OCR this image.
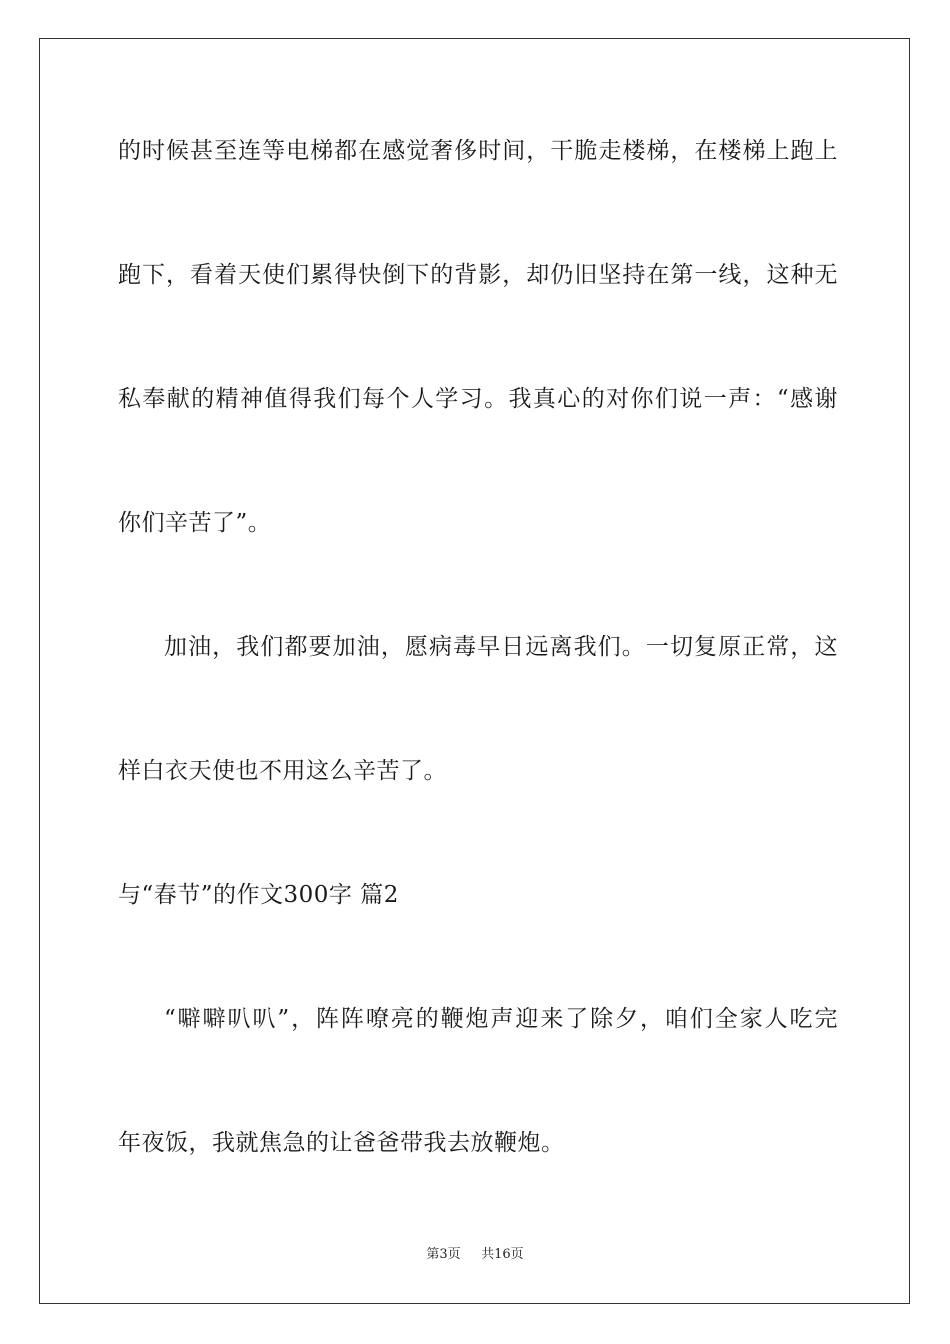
的时候甚至连等电梯都在感觉奢侈时间，干脆走楼梯，在楼梯上跑上
跑下，看着天使们累得快倒下的背影，却仍旧坚持在第一线，这种无
私奉献的精神值得我们每个人学习。我真心的对你们说一声：“感谢
你们辛苦了”。
加油，我们都要加油，愿病毒早日远离我们。一切复原正常，这
样白衣天使也不用这么辛苦了。
与“春节”的作文300字 篇2
“噼噼叭叭”，阵阵嘹亮的鞭炮声迎来了除夕，咱们全家人吃完
年夜饭，我就焦急的让爸爸带我去放鞭炮。
第3页 共16页
